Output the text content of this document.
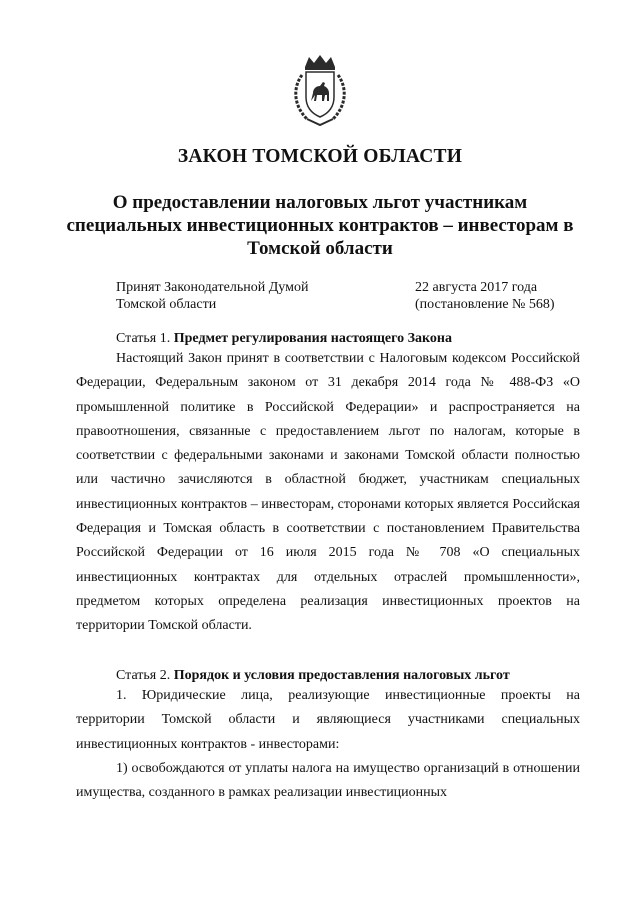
ЗАКОН ТОМСКОЙ ОБЛАСТИ
О предоставлении налоговых льгот участникам специальных инвестиционных контрактов – инвесторам в Томской области
Принят Законодательной Думой
Томской области
22 августа 2017 года
(постановление № 568)
Статья 1. Предмет регулирования настоящего Закона

Настоящий Закон принят в соответствии с Налоговым кодексом Российской Федерации, Федеральным законом от 31 декабря 2014 года № 488-ФЗ «О промышленной политике в Российской Федерации» и распространяется на правоотношения, связанные с предоставлением льгот по налогам, которые в соответствии с федеральными законами и законами Томской области полностью или частично зачисляются в областной бюджет, участникам специальных инвестиционных контрактов – инвесторам, сторонами которых является Российская Федерация и Томская область в соответствии с постановлением Правительства Российской Федерации от 16 июля 2015 года № 708 «О специальных инвестиционных контрактах для отдельных отраслей промышленности», предметом которых определена реализация инвестиционных проектов на территории Томской области.

Статья 2. Порядок и условия предоставления налоговых льгот

1. Юридические лица, реализующие инвестиционные проекты на территории Томской области и являющиеся участниками специальных инвестиционных контрактов - инвесторами:

1) освобождаются от уплаты налога на имущество организаций в отношении имущества, созданного в рамках реализации инвестиционных
